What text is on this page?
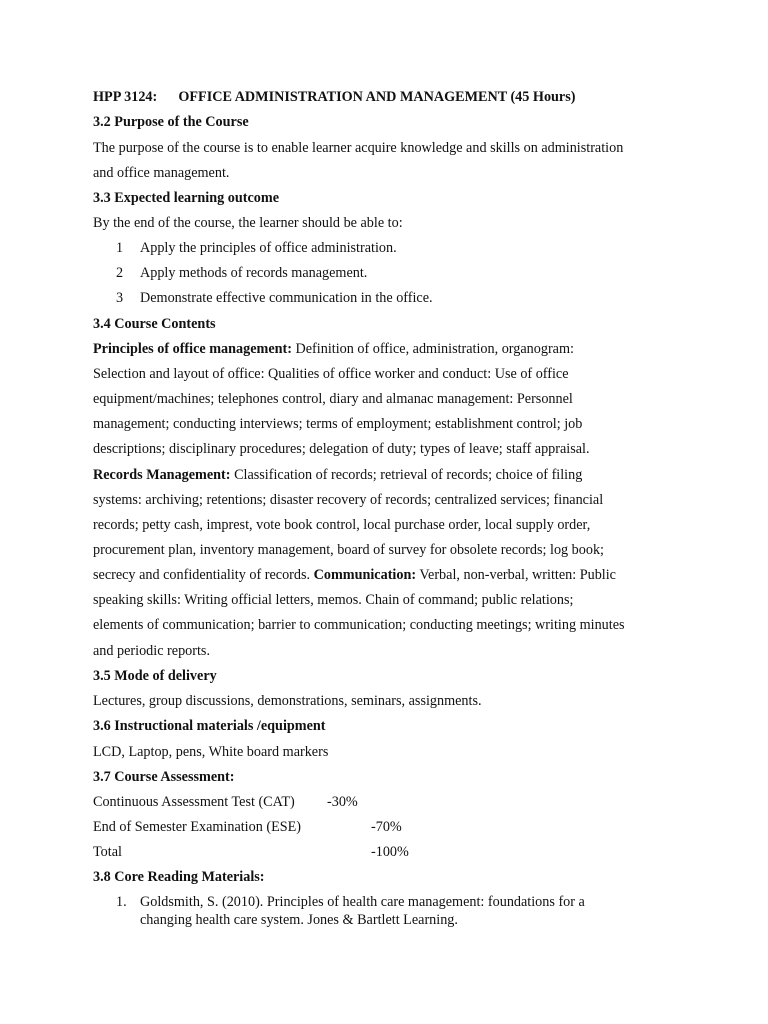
HPP 3124: OFFICE ADMINISTRATION AND MANAGEMENT (45 Hours)
3.2 Purpose of the Course
The purpose of the course is to enable learner acquire knowledge and skills on administration
and office management.
3.3 Expected learning outcome
By the end of the course, the learner should be able to:
1 Apply the principles of office administration.
2 Apply methods of records management.
3 Demonstrate effective communication in the office.
3.4 Course Contents
Principles of office management: Definition of office, administration, organogram:
Selection and layout of office: Qualities of office worker and conduct: Use of office
equipment/machines; telephones control, diary and almanac management: Personnel
management; conducting interviews; terms of employment; establishment control; job
descriptions; disciplinary procedures; delegation of duty; types of leave; staff appraisal.
Records Management: Classification of records; retrieval of records; choice of filing
systems: archiving; retentions; disaster recovery of records; centralized services; financial
records; petty cash, imprest, vote book control, local purchase order, local supply order,
procurement plan, inventory management, board of survey for obsolete records; log book;
secrecy and confidentiality of records. Communication: Verbal, non-verbal, written: Public
speaking skills: Writing official letters, memos. Chain of command; public relations;
elements of communication; barrier to communication; conducting meetings; writing minutes
and periodic reports.
3.5 Mode of delivery
Lectures, group discussions, demonstrations, seminars, assignments.
3.6 Instructional materials /equipment
LCD, Laptop, pens, White board markers
3.7 Course Assessment:
Continuous Assessment Test (CAT) -30%
End of Semester Examination (ESE)	-70%
Total	-100%
3.8 Core Reading Materials:
1. Goldsmith, S. (2010). Principles of health care management: foundations for a
changing health care system. Jones & Bartlett Learning.
